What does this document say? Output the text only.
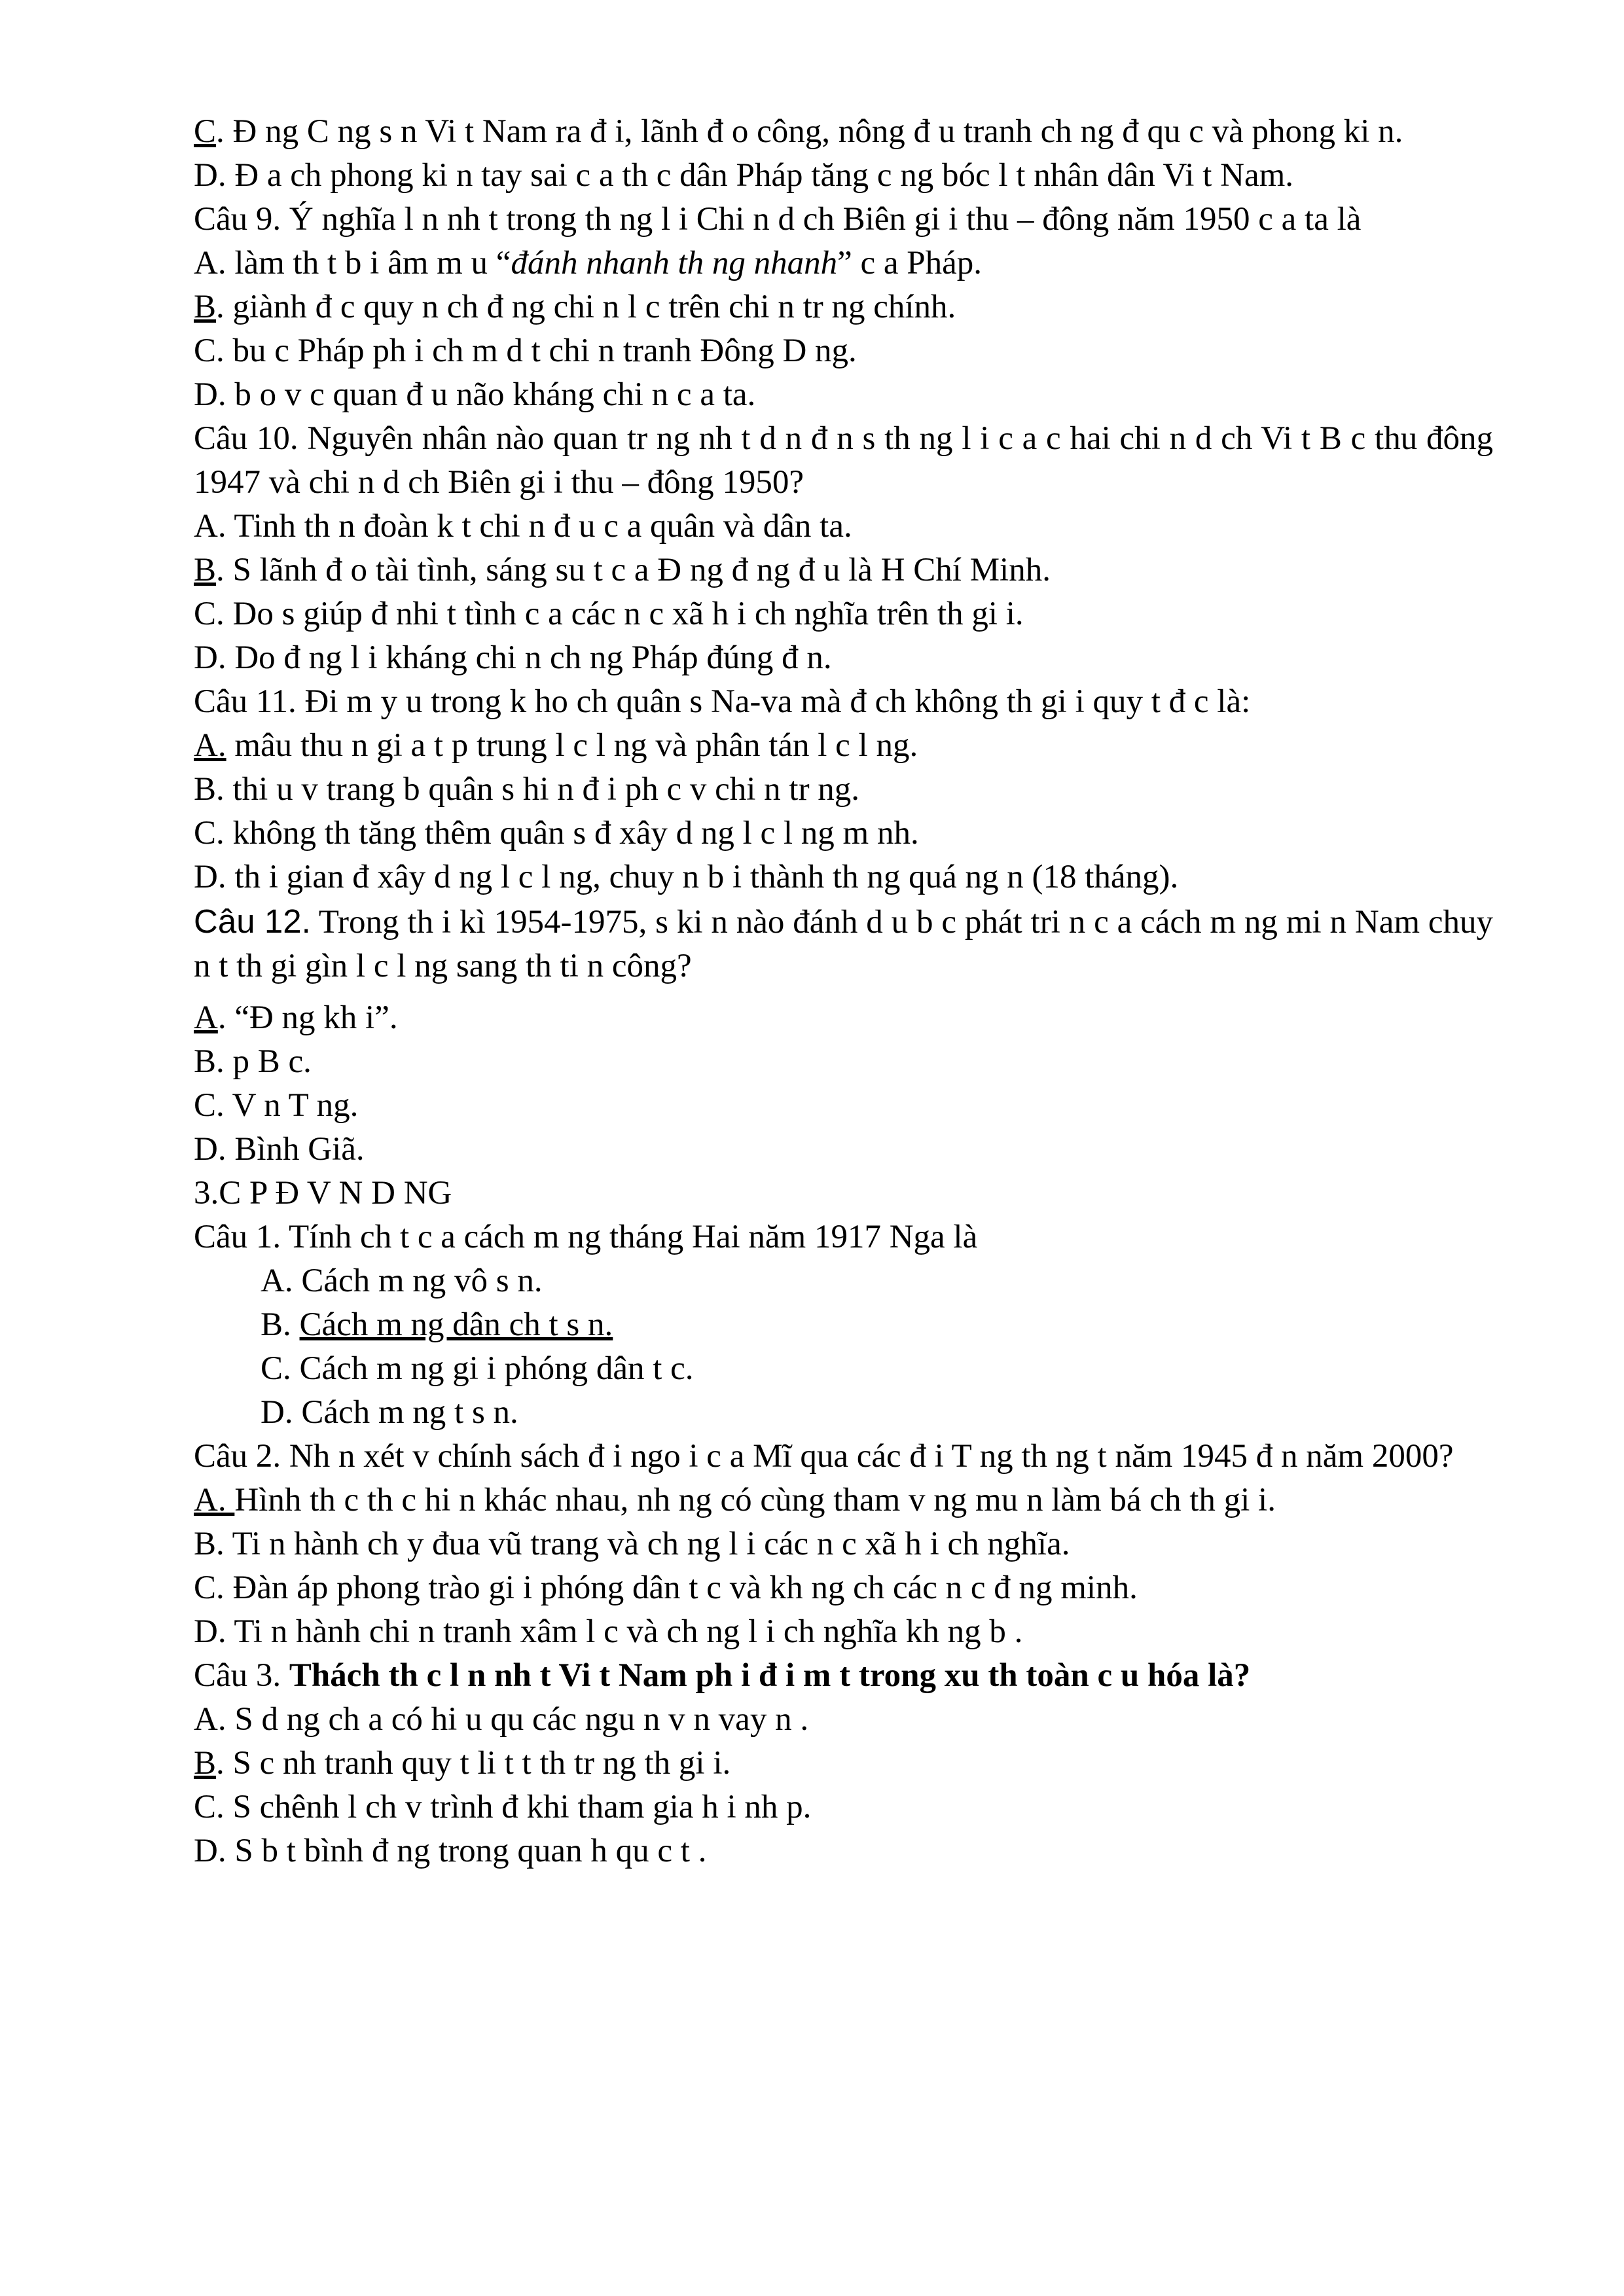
C. Đ ng C ng s n Vi t Nam ra đ i, lãnh đ o công, nông đ u tranh ch ng đ qu c và phong ki n.

D. Đ a ch phong ki n tay sai c a th c dân Pháp tăng c ng bóc l t nhân dân Vi t Nam.

Câu 9. Ý nghĩa l n nh t trong th ng l i Chi n d ch Biên gi i thu – đông năm 1950 c a ta là

A. làm th t b i âm m u “đánh nhanh th ng nhanh” c a Pháp.

B. giành đ c quy n ch đ ng chi n l c trên chi n tr ng chính.

C. bu c Pháp ph i ch m d t chi n tranh Đông D ng.

D. b o v c quan đ u não kháng chi n c a ta.

Câu 10. Nguyên nhân nào quan tr ng nh t d n đ n s th ng l i c a c hai chi n d ch Vi t B c thu đông 1947 và chi n d ch Biên gi i thu – đông 1950?

A. Tinh th n đoàn k t chi n đ u c a quân và dân ta.

B. S lãnh đ o tài tình, sáng su t c a Đ ng đ ng đ u là H Chí Minh.

C. Do s giúp đ nhi t tình c a các n c xã h i ch nghĩa trên th gi i.

D. Do đ ng l i kháng chi n ch ng Pháp đúng đ n.

Câu 11. Đi m y u trong k ho ch quân s Na-va mà đ ch không th gi i quy t đ c là:

A. mâu thu n gi a t p trung l c l ng và phân tán l c l ng.

B. thi u v trang b quân s hi n đ i ph c v chi n tr ng.

C. không th tăng thêm quân s đ xây d ng l c l ng m nh.

D. th i gian đ xây d ng l c l ng, chuy n b i thành th ng quá ng n (18 tháng).

Câu 12. Trong th i kì 1954-1975, s ki n nào đánh d u b c phát tri n c a cách m ng mi n Nam chuy n t th gi gìn l c l ng sang th ti n công?

A. “Đ ng kh i”.

B. p B c.

C. V n T ng.

D. Bình Giã.

3.C P Đ V N D NG

Câu 1. Tính ch t c a cách m ng tháng Hai năm 1917 Nga là

A. Cách m ng vô s n.

B. Cách m ng dân ch t s n.

C. Cách m ng gi i phóng dân t c.

D. Cách m ng t s n.

Câu 2. Nh n xét v chính sách đ i ngo i c a Mĩ qua các đ i T ng th ng t năm 1945 đ n năm 2000?

A. Hình th c th c hi n khác nhau, nh ng có cùng tham v ng mu n làm bá ch th gi i.

B. Ti n hành ch y đua vũ trang và ch ng l i các n c xã h i ch nghĩa.

C. Đàn áp phong trào gi i phóng dân t c và kh ng ch các n c đ ng minh.

D. Ti n hành chi n tranh xâm l c và ch ng l i ch nghĩa kh ng b .

Câu 3. Thách th c l n nh t Vi t Nam ph i đ i m t trong xu th toàn c u hóa là?

A. S d ng ch a có hi u qu các ngu n v n vay n .

B. S c nh tranh quy t li t t th tr ng th gi i.

C. S chênh l ch v trình đ khi tham gia h i nh p.

D. S b t bình đ ng trong quan h qu c t .
